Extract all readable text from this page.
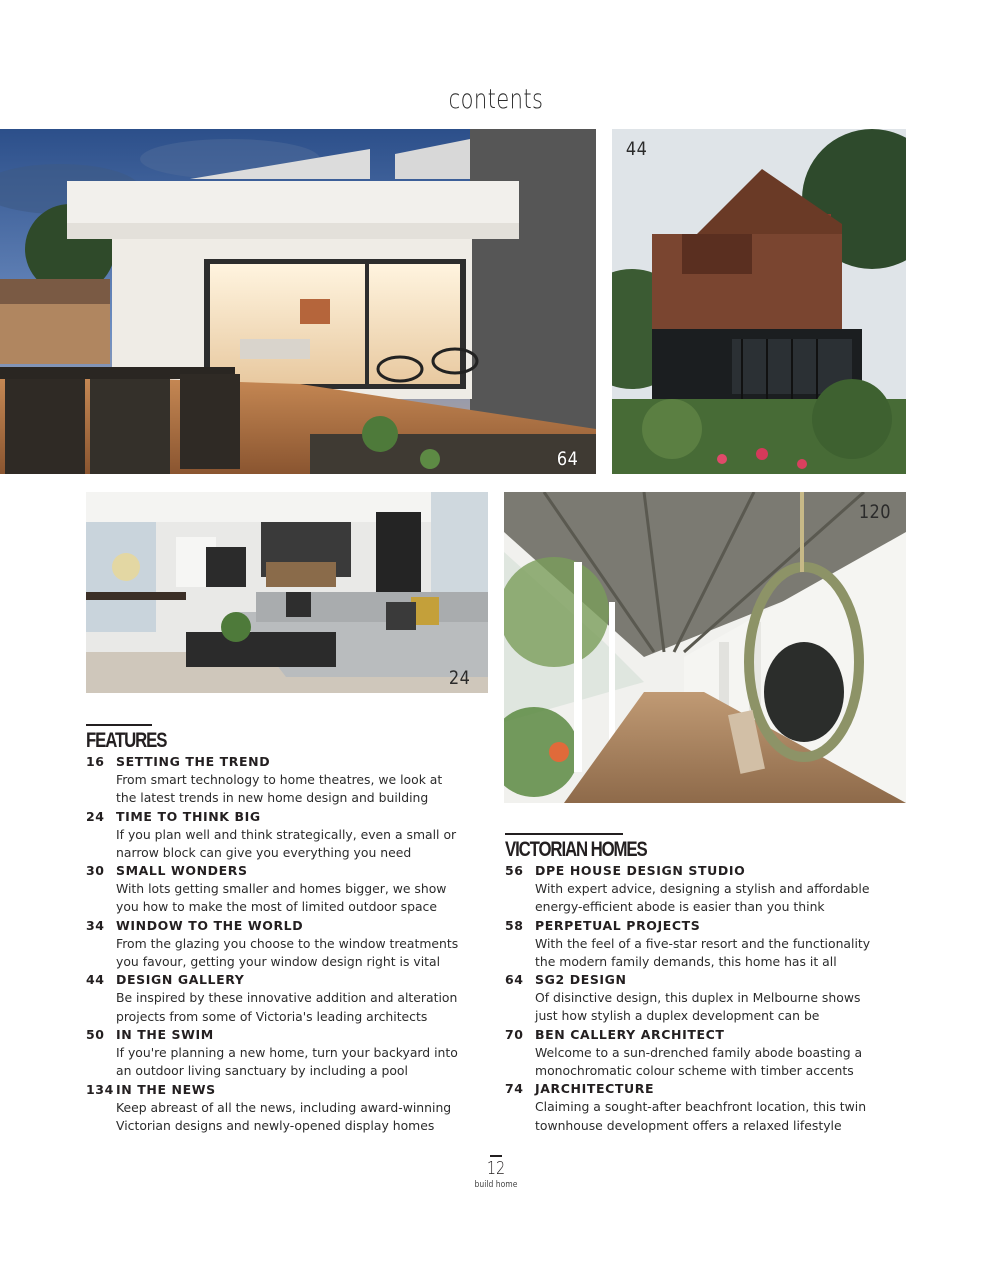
contents
64
44
24
120
FEATURES
16 SETTING THE TREND
From smart technology to home theatres, we look at
the latest trends in new home design and building
24 TIME TO THINK BIG
If you plan well and think strategically, even a small or
narrow block can give you everything you need
30 SMALL WONDERS
With lots getting smaller and homes bigger, we show
you how to make the most of limited outdoor space
34 WINDOW TO THE WORLD
From the glazing you choose to the window treatments
you favour, getting your window design right is vital
44 DESIGN GALLERY
Be inspired by these innovative addition and alteration
projects from some of Victoria's leading architects
50 IN THE SWIM
If you're planning a new home, turn your backyard into
an outdoor living sanctuary by including a pool
134 IN THE NEWS
Keep abreast of all the news, including award-winning
Victorian designs and newly-opened display homes
VICTORIAN HOMES
56 DPE HOUSE DESIGN STUDIO
With expert advice, designing a stylish and affordable
energy-efficient abode is easier than you think
58 PERPETUAL PROJECTS
With the feel of a five-star resort and the functionality
the modern family demands, this home has it all
64 SG2 DESIGN
Of disinctive design, this duplex in Melbourne shows
just how stylish a duplex development can be
70 BEN CALLERY ARCHITECT
Welcome to a sun-drenched family abode boasting a
monochromatic colour scheme with timber accents
74 JARCHITECTURE
Claiming a sought-after beachfront location, this twin
townhouse development offers a relaxed lifestyle
12
build home
